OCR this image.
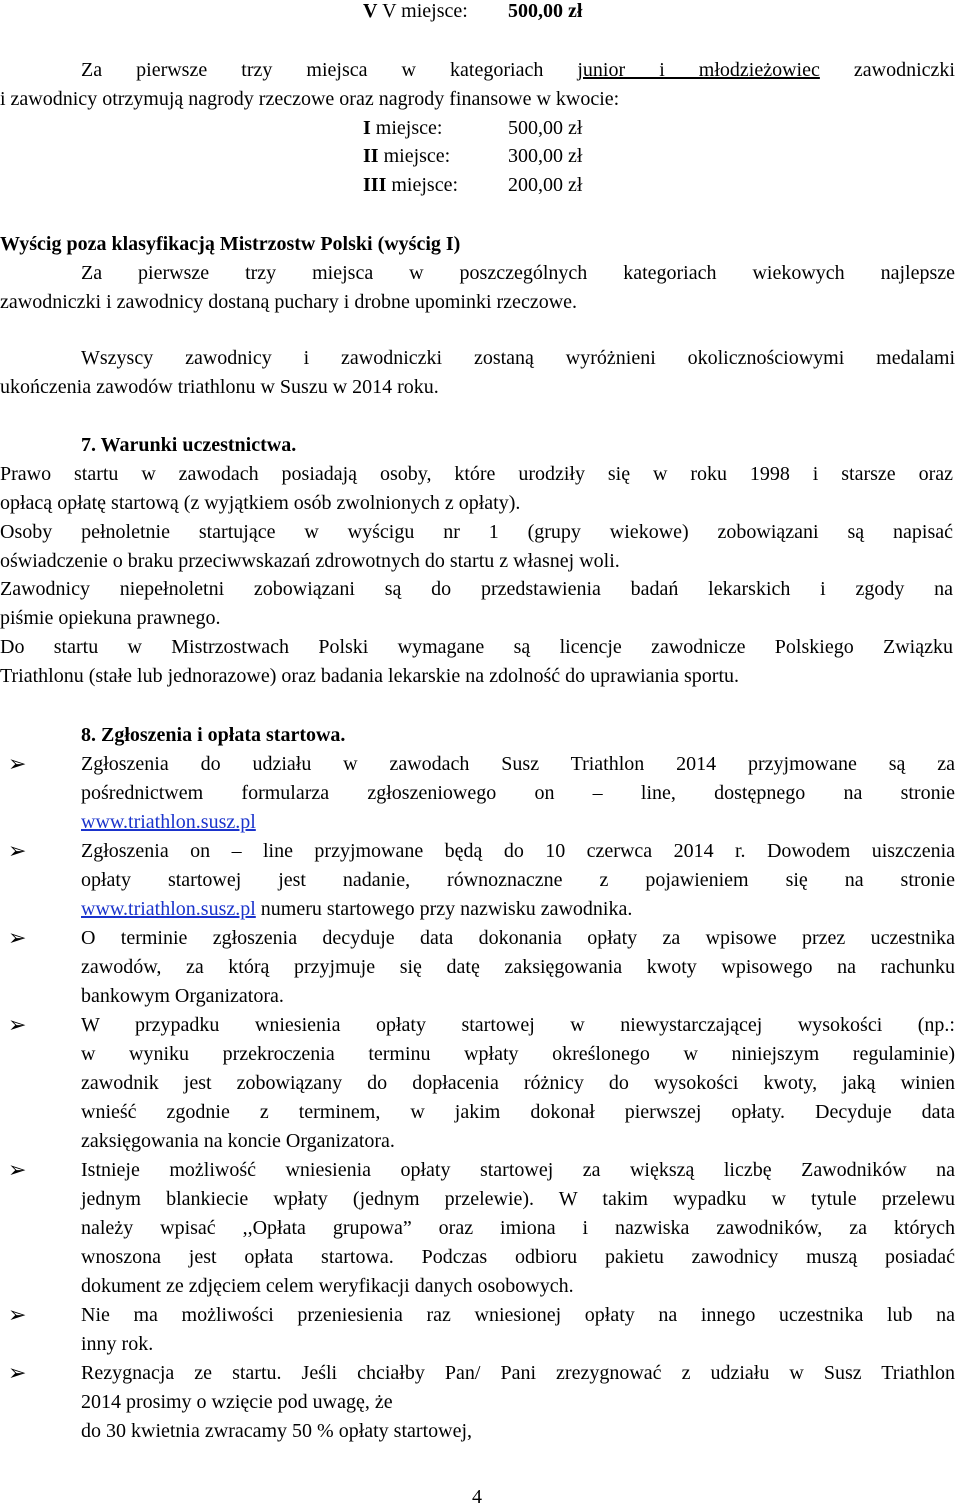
V V miejsce: 500,00 zł
Za pierwsze trzy miejsca w kategoriach junior i młodzieżowiec zawodniczki
i zawodnicy otrzymują nagrody rzeczowe oraz nagrody finansowe w kwocie:
I miejsce:	500,00 zł
II miejsce:	300,00 zł
III miejsce:	200,00 zł
Wyścig poza klasyfikacją Mistrzostw Polski (wyścig I)
Za pierwsze trzy miejsca w poszczególnych kategoriach wiekowych najlepsze
zawodniczki i zawodnicy dostaną puchary i drobne upominki rzeczowe.
Wszyscy zawodnicy i zawodniczki zostaną wyróżnieni okolicznościowymi medalami
ukończenia zawodów triathlonu w Suszu w 2014 roku.
7. Warunki uczestnictwa.
Prawo startu w zawodach posiadają osoby, które urodziły się w roku 1998 i starsze oraz
opłacą opłatę startową (z wyjątkiem osób zwolnionych z opłaty).
Osoby pełnoletnie startujące w wyścigu nr 1 (grupy wiekowe) zobowiązani są napisać
oświadczenie o braku przeciwwskazań zdrowotnych do startu z własnej woli.
Zawodnicy niepełnoletni zobowiązani są do przedstawienia badań lekarskich i zgody na
piśmie opiekuna prawnego.
Do startu w Mistrzostwach Polski wymagane są licencje zawodnicze Polskiego Związku
Triathlonu (stałe lub jednorazowe) oraz badania lekarskie na zdolność do uprawiania sportu.
8. Zgłoszenia i opłata startowa.
➢	Zgłoszenia do udziału w zawodach Susz Triathlon 2014 przyjmowane są za
pośrednictwem formularza zgłoszeniowego on – line, dostępnego na stronie
www.triathlon.susz.pl
➢	Zgłoszenia on – line przyjmowane będą do 10 czerwca 2014 r. Dowodem uiszczenia
opłaty startowej jest nadanie, równoznaczne z pojawieniem się na stronie
www.triathlon.susz.pl numeru startowego przy nazwisku zawodnika.
➢	O terminie zgłoszenia decyduje data dokonania opłaty za wpisowe przez uczestnika
zawodów, za którą przyjmuje się datę zaksięgowania kwoty wpisowego na rachunku
bankowym Organizatora.
➢	W przypadku wniesienia opłaty startowej w niewystarczającej wysokości (np.:
w wyniku przekroczenia terminu wpłaty określonego w niniejszym regulaminie)
zawodnik jest zobowiązany do dopłacenia różnicy do wysokości kwoty, jaką winien
wnieść zgodnie z terminem, w jakim dokonał pierwszej opłaty. Decyduje data
zaksięgowania na koncie Organizatora.
➢	Istnieje możliwość wniesienia opłaty startowej za większą liczbę Zawodników na
jednym blankiecie wpłaty (jednym przelewie). W takim wypadku w tytule przelewu
należy wpisać ,,Opłata grupowa” oraz imiona i nazwiska zawodników, za których
wnoszona jest opłata startowa. Podczas odbioru pakietu zawodnicy muszą posiadać
dokument ze zdjęciem celem weryfikacji danych osobowych.
➢	Nie ma możliwości przeniesienia raz wniesionej opłaty na innego uczestnika lub na
inny rok.
➢	Rezygnacja ze startu. Jeśli chciałby Pan/ Pani zrezygnować z udziału w Susz Triathlon
2014 prosimy o wzięcie pod uwagę, że
do 30 kwietnia zwracamy 50 % opłaty startowej,
4
